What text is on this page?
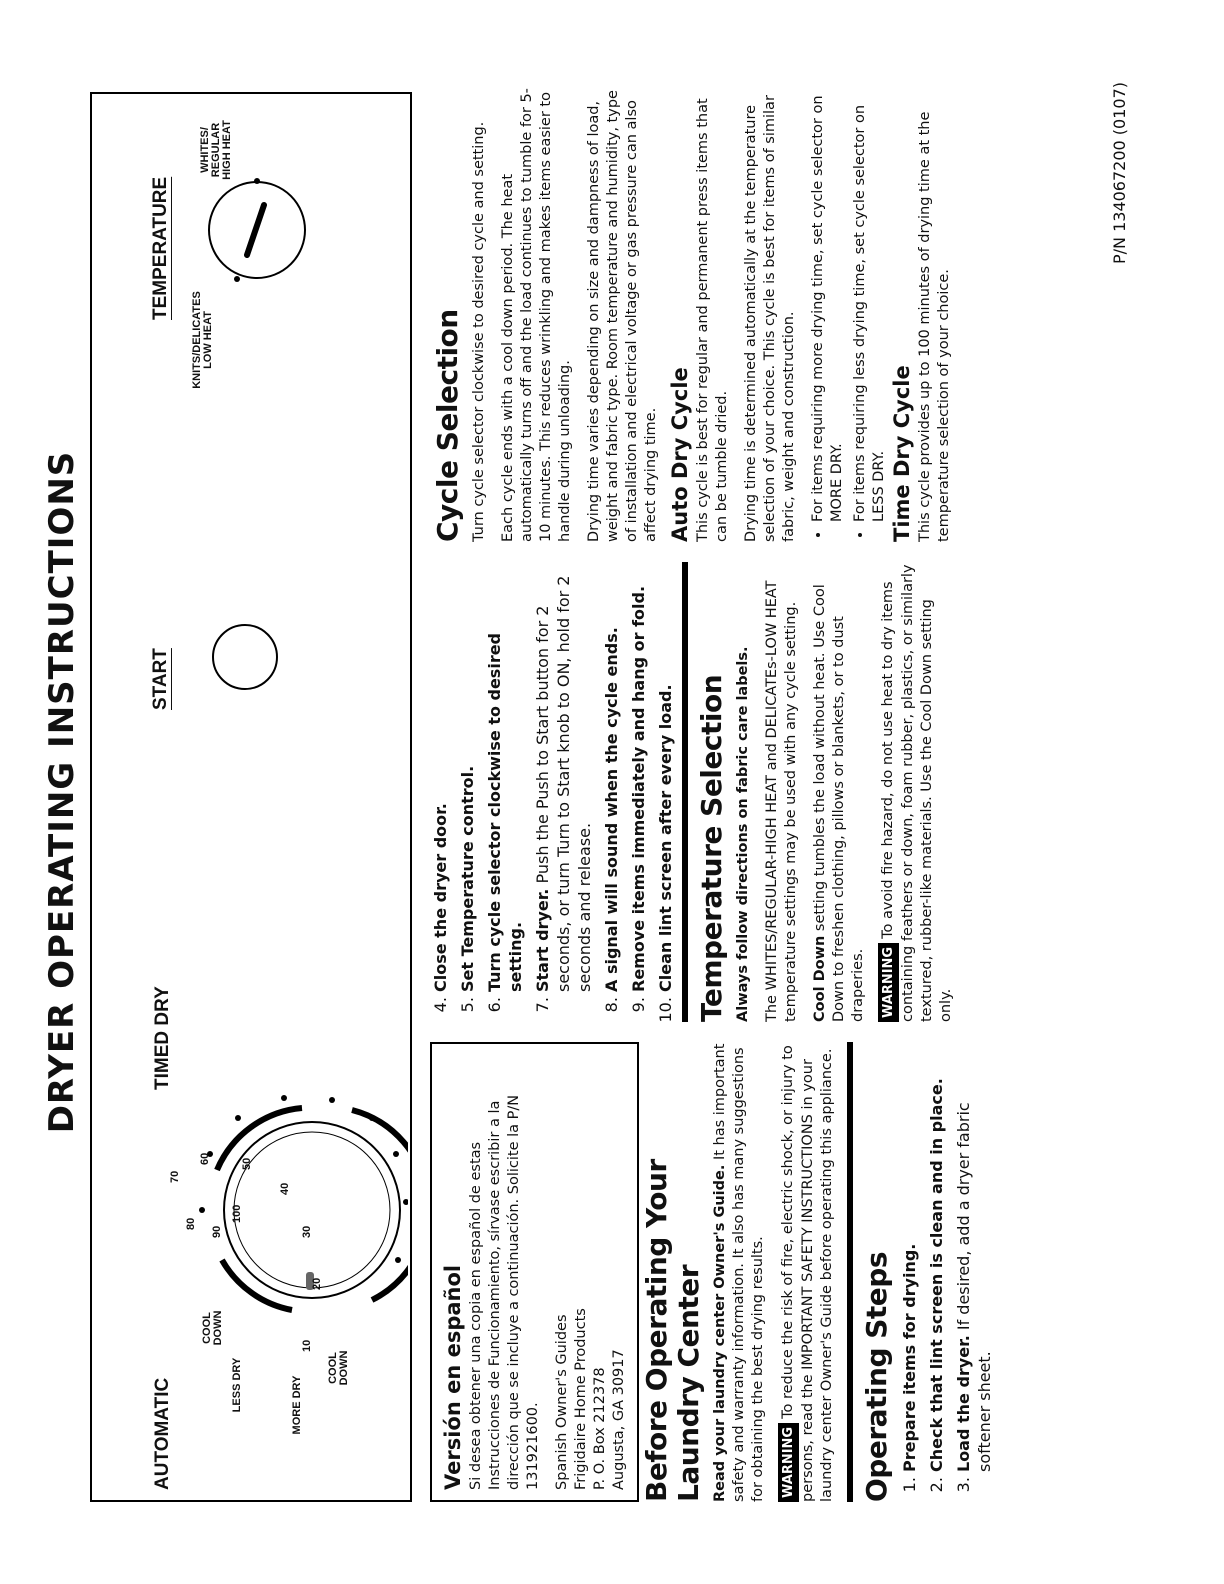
DRYER OPERATING INSTRUCTIONS
AUTOMATIC
TIMED DRY
START
TEMPERATURE
10
20
30
40
50
60
70
80
90
100
LESS DRY	MORE DRY
COOL DOWN
COOL DOWN
KNITS/DELICATES LOW HEAT
WHITES/ REGULAR HIGH HEAT
Versión en español Si desea obtener una copia en español de estas Instrucciones de Funcionamiento, sírvase escribir a la dirección que se incluye a continuación. Solicite la P/N 131921600. Spanish Owner's Guides Frigidaire Home Products P. O. Box 212378 Augusta, GA 30917 Before Operating Your Laundry Center Read your laundry center Owner's Guide. It has important safety and warranty information. It also has many suggestions for obtaining the best drying results. WARNINGTo reduce the risk of fire, electric shock, or injury to persons, read the IMPORTANT SAFETY INSTRUCTIONS in your laundry center Owner's Guide before operating this appliance. Operating Steps 1. Prepare items for drying. 2. Check that lint screen is clean and in place. 3. Load the dryer. If desired, add a dryer fabric softener sheet.
4. Close the dryer door. 5. Set Temperature control. 6. Turn cycle selector clockwise to desired setting. 7. Start dryer. Push the Push to Start button for 2 seconds, or turn Turn to Start knob to ON, hold for 2 seconds and release. 8. A signal will sound when the cycle ends. 9. Remove items immediately and hang or fold. 10. Clean lint screen after every load. Temperature Selection Always follow directions on fabric care labels. The WHITES/REGULAR-HIGH HEAT and DELICATEs-LOW HEAT temperature settings may be used with any cycle setting. Cool Down setting tumbles the load without heat. Use Cool Down to freshen clothing, pillows or blankets, or to dust draperies. WARNINGTo avoid fire hazard, do not use heat to dry items containing feathers or down, foam rubber, plastics, or similarly textured, rubber-like materials. Use the Cool Down setting only.

Cycle Selection Turn cycle selector clockwise to desired cycle and setting. Each cycle ends with a cool down period. The heat automatically turns off and the load continues to tumble for 5-10 minutes. This reduces wrinkling and makes items easier to handle during unloading. Drying time varies depending on size and dampness of load, weight and fabric type. Room temperature and humidity, type of installation and electrical voltage or gas pressure can also affect drying time. Auto Dry Cycle This cycle is best for regular and permanent press items that can be tumble dried. Drying time is determined automatically at the temperature selection of your choice. This cycle is best for items of similar fabric, weight and construction. • For items requiring more drying time, set cycle selector on MORE DRY. • For items requiring less drying time, set cycle selector on LESS DRY. Time Dry Cycle This cycle provides up to 100 minutes of drying time at the temperature selection of your choice.

P/N 134067200 (0107)
